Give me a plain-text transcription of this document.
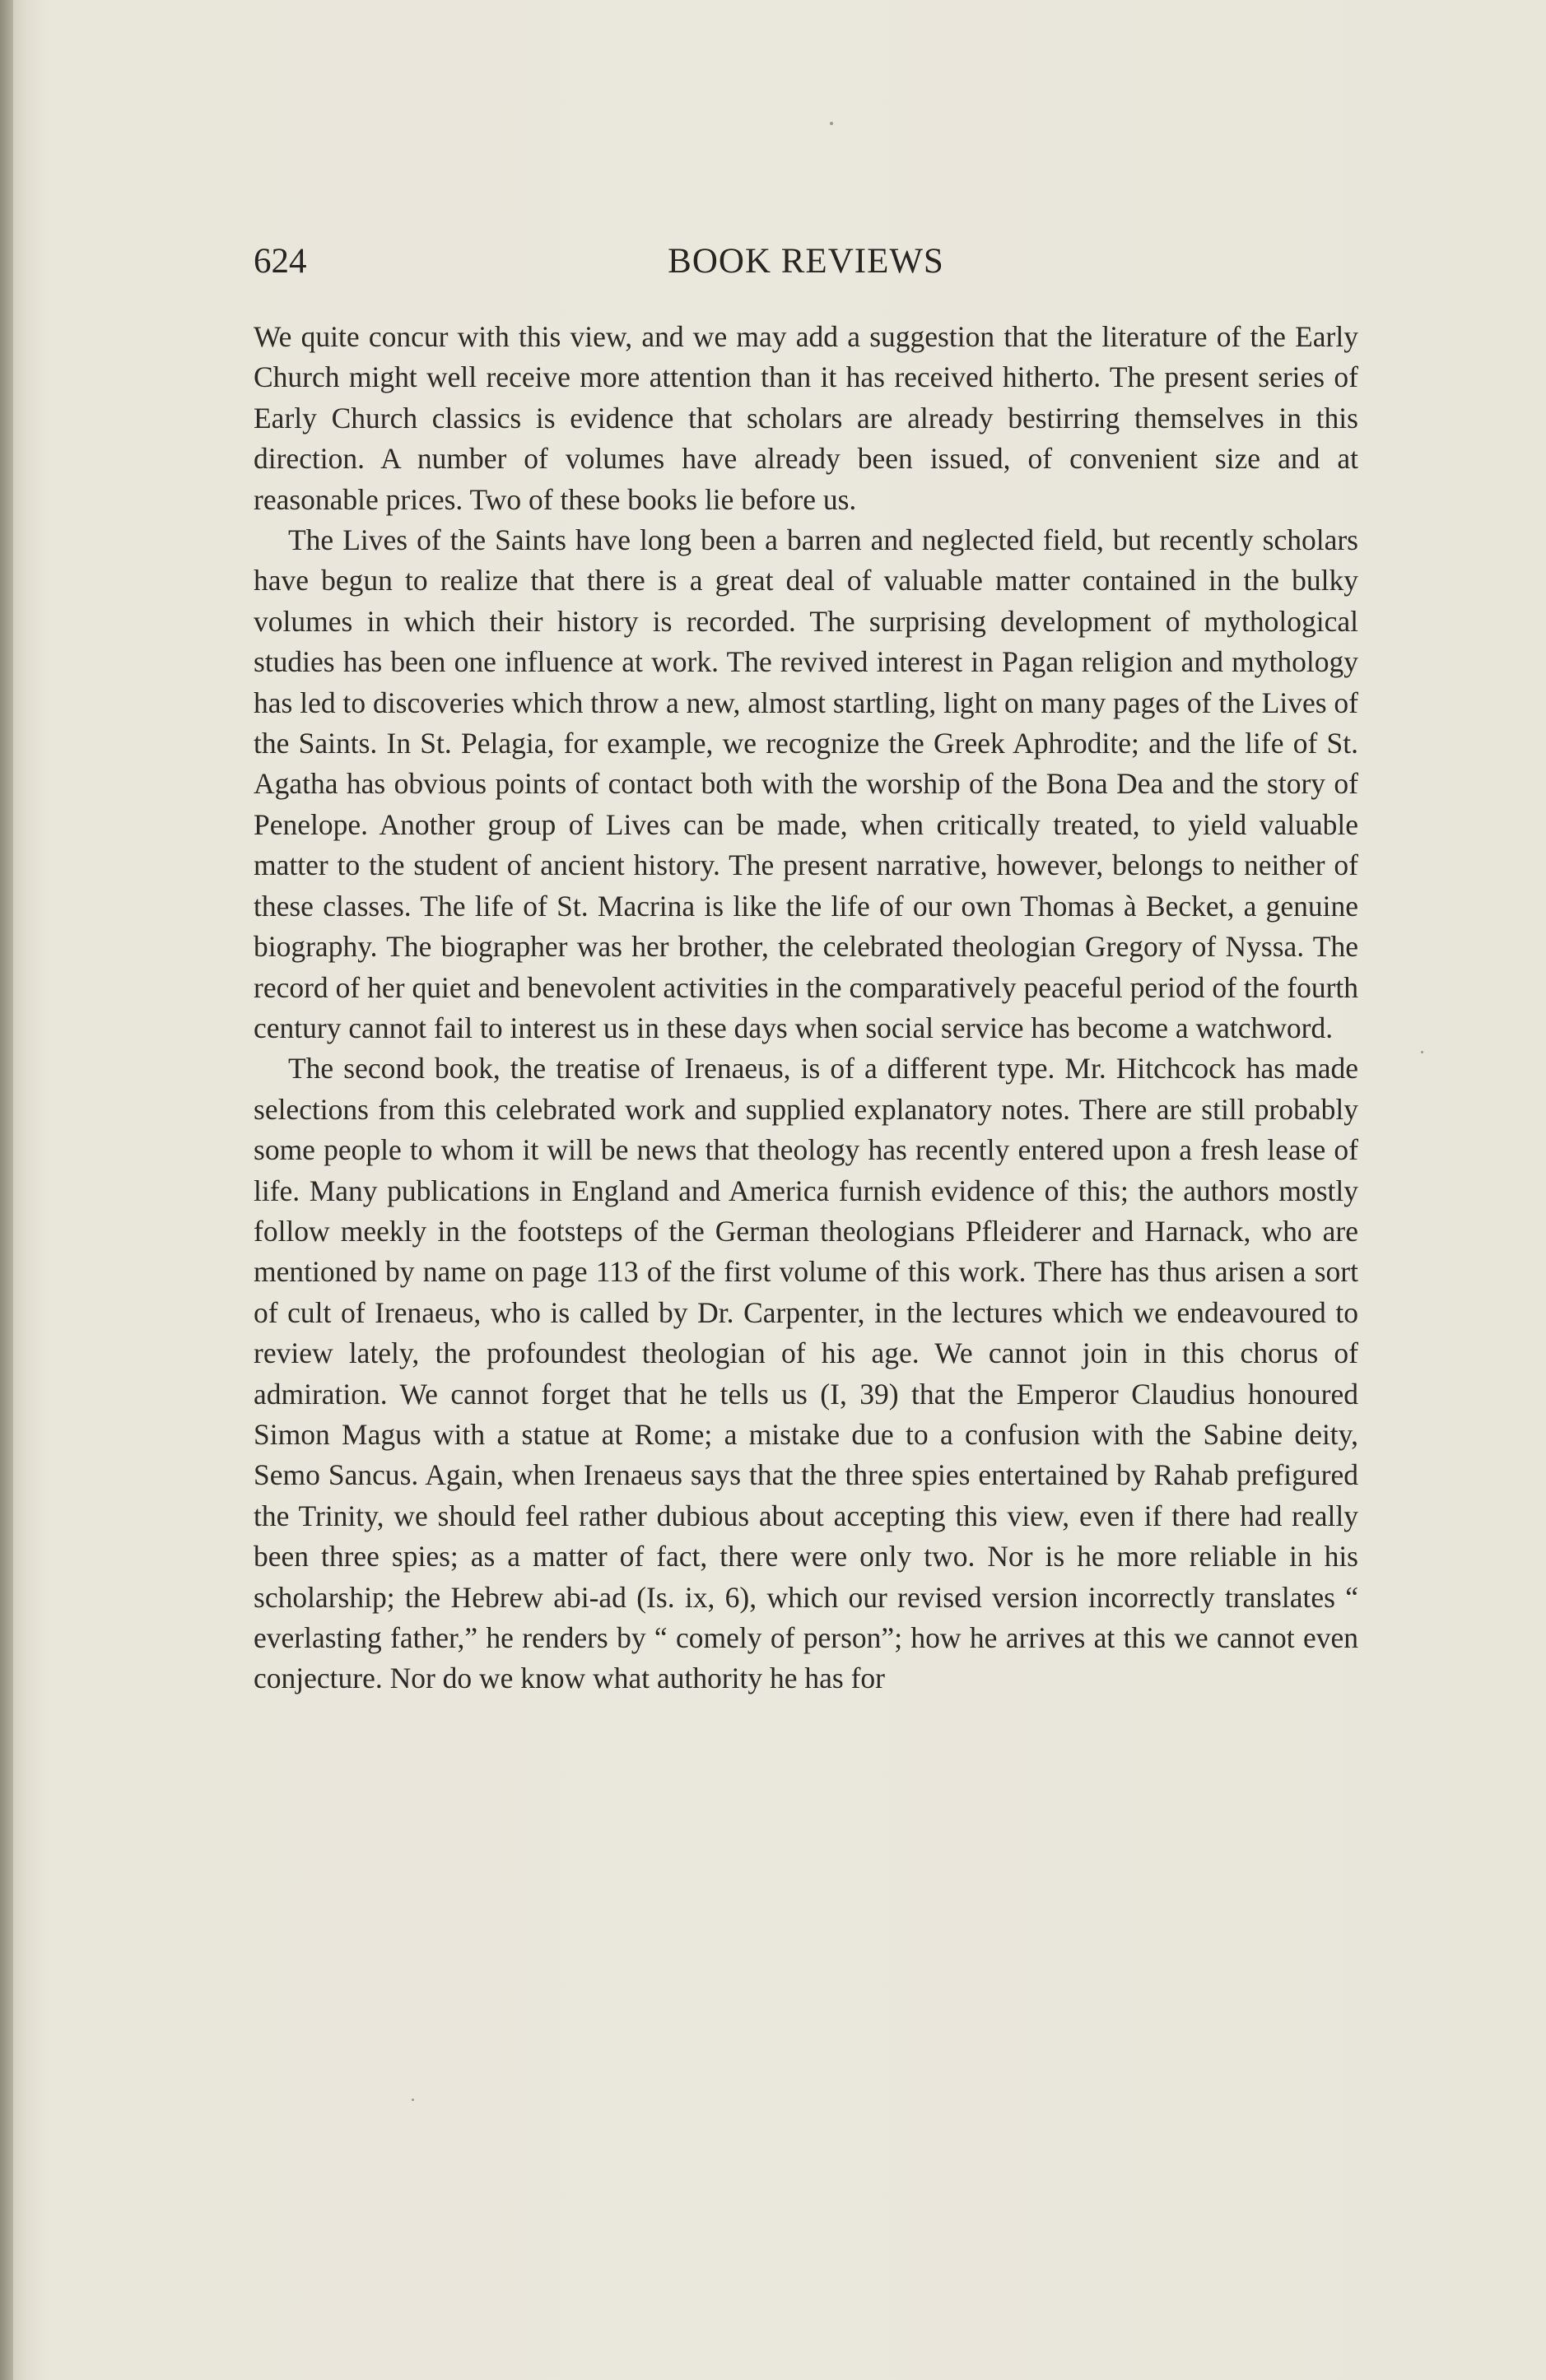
624	BOOK REVIEWS

We quite concur with this view, and we may add a suggestion that the literature of the Early Church might well receive more attention than it has received hitherto. The present series of Early Church classics is evidence that scholars are already bestirring themselves in this direction. A number of volumes have already been issued, of convenient size and at reasonable prices. Two of these books lie before us.

The Lives of the Saints have long been a barren and neglected field, but recently scholars have begun to realize that there is a great deal of valuable matter contained in the bulky volumes in which their history is recorded. The surprising development of mythological studies has been one influence at work. The revived interest in Pagan religion and mythology has led to discoveries which throw a new, almost startling, light on many pages of the Lives of the Saints. In St. Pelagia, for example, we recognize the Greek Aphrodite; and the life of St. Agatha has obvious points of contact both with the worship of the Bona Dea and the story of Penelope. Another group of Lives can be made, when critically treated, to yield valuable matter to the student of ancient history. The present narrative, however, belongs to neither of these classes. The life of St. Macrina is like the life of our own Thomas à Becket, a genuine biography. The biographer was her brother, the celebrated theologian Gregory of Nyssa. The record of her quiet and benevolent activities in the comparatively peaceful period of the fourth century cannot fail to interest us in these days when social service has become a watchword.

The second book, the treatise of Irenaeus, is of a different type. Mr. Hitchcock has made selections from this celebrated work and supplied explanatory notes. There are still probably some people to whom it will be news that theology has recently entered upon a fresh lease of life. Many publications in England and America furnish evidence of this; the authors mostly follow meekly in the footsteps of the German theologians Pfleiderer and Harnack, who are mentioned by name on page 113 of the first volume of this work. There has thus arisen a sort of cult of Irenaeus, who is called by Dr. Carpenter, in the lectures which we endeavoured to review lately, the profoundest theologian of his age. We cannot join in this chorus of admiration. We cannot forget that he tells us (I, 39) that the Emperor Claudius honoured Simon Magus with a statue at Rome; a mistake due to a confusion with the Sabine deity, Semo Sancus. Again, when Irenaeus says that the three spies entertained by Rahab prefigured the Trinity, we should feel rather dubious about accepting this view, even if there had really been three spies; as a matter of fact, there were only two. Nor is he more reliable in his scholarship; the Hebrew abi-ad (Is. ix, 6), which our revised version incorrectly translates “ everlasting father,” he renders by “ comely of person”; how he arrives at this we cannot even conjecture. Nor do we know what authority he has for
